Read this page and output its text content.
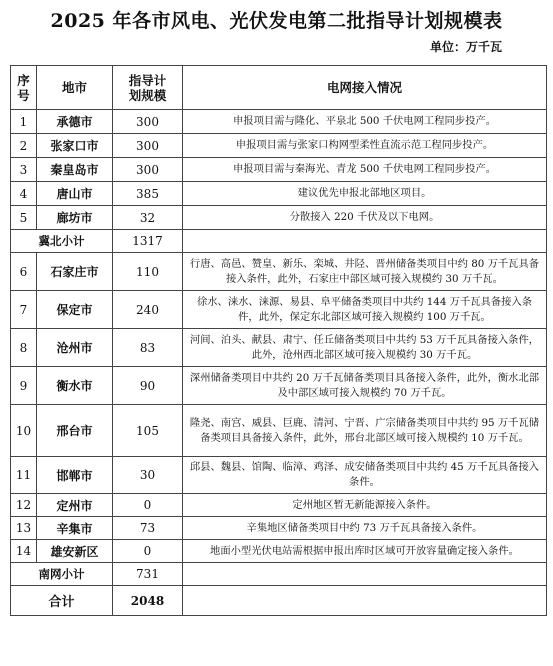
2025 年各市风电、光伏发电第二批指导计划规模表
单位：万千瓦
序号	地市	指导计划规模	电网接入情况
1	承德市	300	申报项目需与隆化、平泉北 500 千伏电网工程同步投产。
2	张家口市	300	申报项目需与张家口构网型柔性直流示范工程同步投产。
3	秦皇岛市	300	申报项目需与秦海光、青龙 500 千伏电网工程同步投产。
4	唐山市	385	建议优先申报北部地区项目。
5	廊坊市	32	分散接入 220 千伏及以下电网。
冀北小计		1317	
6	石家庄市	110	行唐、高邑、赞皇、新乐、栾城、井陉、晋州储备类项目中约 80 万千瓦具备接入条件，此外，石家庄中部区域可接入规模约 30 万千瓦。
7	保定市	240	徐水、涞水、涞源、易县、阜平储备类项目中共约 144 万千瓦具备接入条件，此外，保定东北部区域可接入规模约 100 万千瓦。
8	沧州市	83	河间、泊头、献县、肃宁、任丘储备类项目中共约 53 万千瓦具备接入条件，此外，沧州西北部区域可接入规模约 30 万千瓦。
9	衡水市	90	深州储备类项目中共约 20 万千瓦储备类项目具备接入条件，此外，衡水北部及中部区域可接入规模约 70 万千瓦。
10	邢台市	105	隆尧、南宫、威县、巨鹿、清河、宁晋、广宗储备类项目中共约 95 万千瓦储备类项目具备接入条件，此外，邢台北部区域可接入规模约 10 万千瓦。
11	邯郸市	30	邱县、魏县、馆陶、临漳、鸡泽、成安储备类项目中共约 45 万千瓦具备接入条件。
12	定州市	0	定州地区暂无新能源接入条件。
13	辛集市	73	辛集地区储备类项目中约 73 万千瓦具备接入条件。
14	雄安新区	0	地面小型光伏电站需根据申报出库时区域可开放容量确定接入条件。
南网小计		731	
合计		2048	
